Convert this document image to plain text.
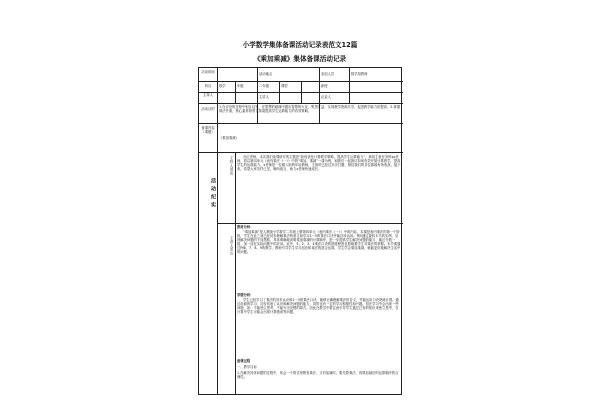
小学数学集体备课活动记录表范文12篇
《乘加乘减》集体备课活动记录
活动时间	活动地点	参加人员	数学组教师
科目	数学	年级	二年级	课型	新授
主持人	主讲人	记录人
活动目的	1.在讨论的过程中相互启发，在思想的碰撞中激出智慧的火花，集思广益，实现教学资源共享，促进教学能力的提高。2.掌握算法并重，核心素养背景下探索提高学生运算能力的有效策略。
备课内容（课题）
《乘加乘减》
活动纪实
主持人讲话	各位老师，本次我们备课研讨的主题是“如何优化计算教学策略，提高学生运算能力”。承担主备任务的xx老师，将以第四单元《表内乘法（一）》中的“乘加、乘减”一课为例，和我们一起探讨如何有效开展计算教学，提高学生的运算能力。x老师是一位刚入职的年轻教师，主备时已经过多次打磨，相信我们的各位都能有所收获。接下来，希望大家各抒己见，畅所欲言，助力x老师快速成长。
主讲人发言
教材分析：
“乘加乘减”是人教版小学数学二年级上册第四单元《表内乘法（一）》中的内容，本课是表内乘法的第一个阶段，学生在此之前已经初步理解乘法的意义和学习1～5的乘法口诀并能初步运用。例5通过旋转木马的实例，呈现解决问题的不同思路，具体明确地说明乘加乘减的计算顺序，进一步提高学生解决问题的能力，能区分数一数、加一加在实际问题中的应用。此外，5、2、3、4乘法口诀的熟练程度也影响着学生对乘法的掌握。本节课通过例6、7、8、9的教学，教师引导学生学习加法和乘法的混合运算，学生学会乘加乘减，就能更好地解决生活中的问题。
学情分析：
学生已经学习了乘法的初步认识和1～5的乘法口诀，能够正确理解乘法的含义，并能运用口诀熟练计算，通过前面的学习，初步具备了认识和解决问题的能力，同时也有一定的学习积极性和兴趣。但在学习中会出现一些问题，如：不能独立思考、不能写出完整的算式。因此在教学中要注意引导学生通过已有的知识来独立思考，在计算中学生可能会出现计算错误等问题。
备课过程
一、教学目标
1.在解决具体问题的过程中，体会一个算式里既有乘法、又有加减时，要先算乘法，再算加减法的运算顺序的合理性。
